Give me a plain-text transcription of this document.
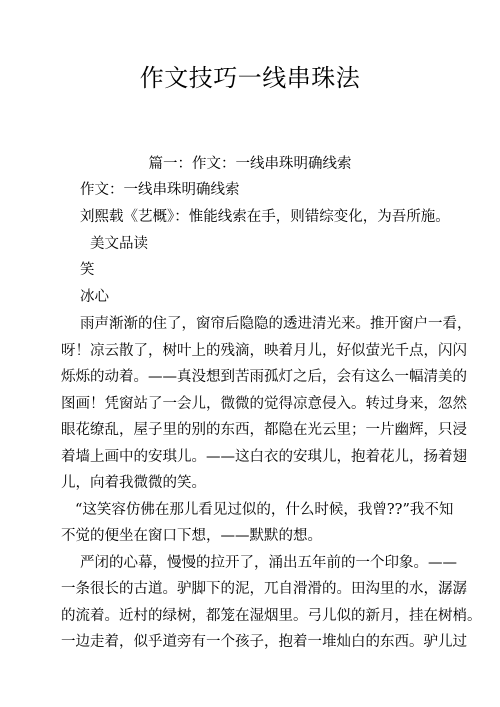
作文技巧一线串珠法
篇一：作文：一线串珠明确线索
作文：一线串珠明确线索
刘熙载《艺概》：惟能线索在手，则错综变化，为吾所施。
美文品读
笑
冰心
雨声渐渐的住了，窗帘后隐隐的透进清光来。推开窗户一看，
呀！凉云散了，树叶上的残滴，映着月儿，好似萤光千点，闪闪
烁烁的动着。——真没想到苦雨孤灯之后，会有这么一幅清美的
图画！凭窗站了一会儿，微微的觉得凉意侵入。转过身来，忽然
眼花缭乱，屋子里的别的东西，都隐在光云里；一片幽辉，只浸
着墙上画中的安琪儿。——这白衣的安琪儿，抱着花儿，扬着翅
儿，向着我微微的笑。
“这笑容仿佛在那儿看见过似的，什么时候，我曾??”我不知
不觉的便坐在窗口下想，——默默的想。
严闭的心幕，慢慢的拉开了，涌出五年前的一个印象。——
一条很长的古道。驴脚下的泥，兀自滑滑的。田沟里的水，潺潺
的流着。近村的绿树，都笼在湿烟里。弓儿似的新月，挂在树梢。
一边走着，似乎道旁有一个孩子，抱着一堆灿白的东西。驴儿过
